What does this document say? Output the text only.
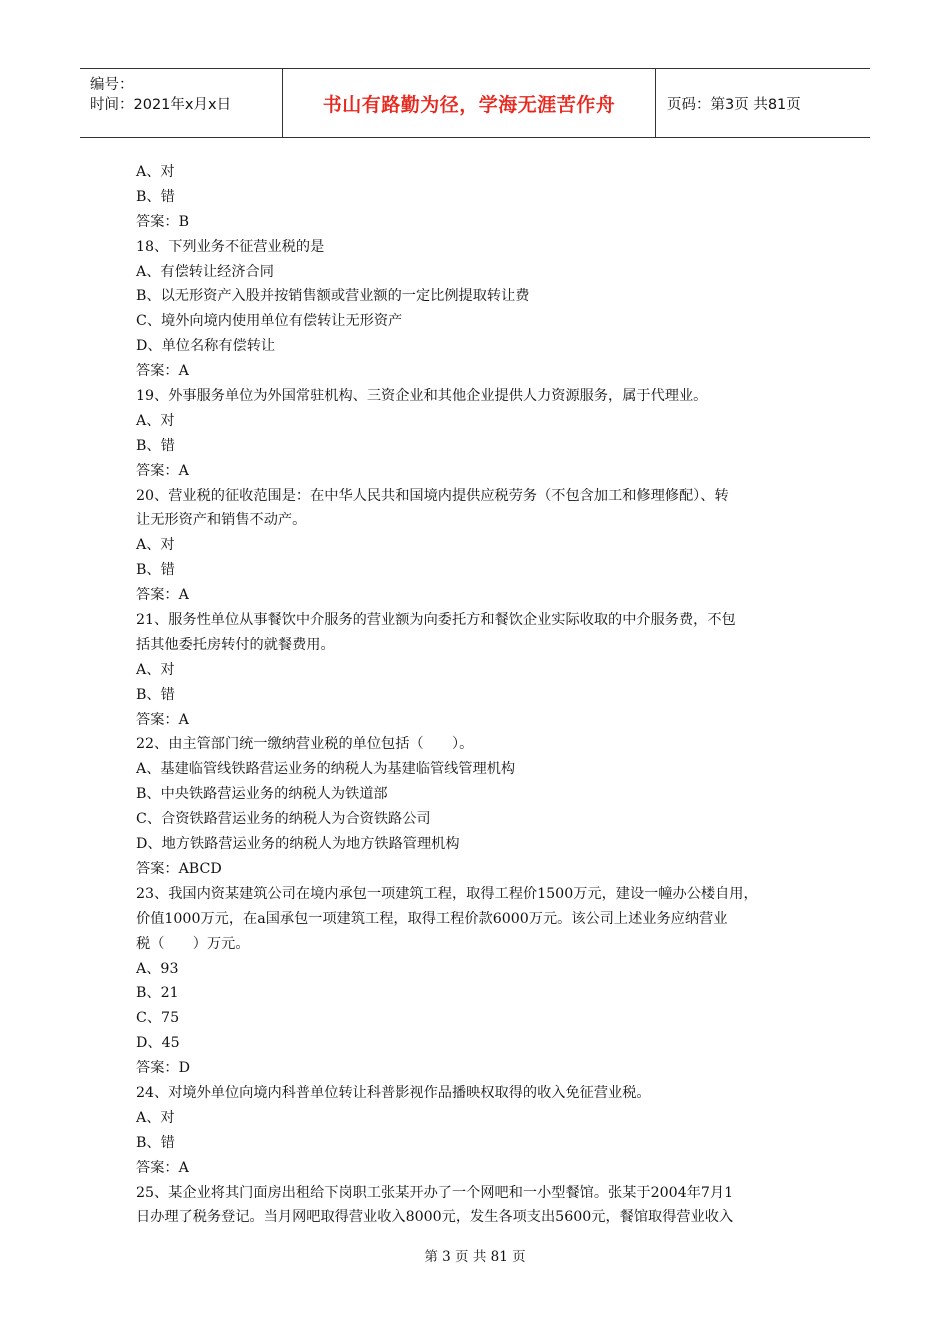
编号：
时间：2021年x月x日	书山有路勤为径，学海无涯苦作舟	页码：第3页 共81页
A、对
B、错
答案：B
18、下列业务不征营业税的是
A、有偿转让经济合同
B、以无形资产入股并按销售额或营业额的一定比例提取转让费
C、境外向境内使用单位有偿转让无形资产
D、单位名称有偿转让
答案：A
19、外事服务单位为外国常驻机构、三资企业和其他企业提供人力资源服务，属于代理业。
A、对
B、错
答案：A
20、营业税的征收范围是：在中华人民共和国境内提供应税劳务（不包含加工和修理修配）、转
让无形资产和销售不动产。
A、对
B、错
答案：A
21、服务性单位从事餐饮中介服务的营业额为向委托方和餐饮企业实际收取的中介服务费，不包
括其他委托房转付的就餐费用。
A、对
B、错
答案：A
22、由主管部门统一缴纳营业税的单位包括（　　）。
A、基建临管线铁路营运业务的纳税人为基建临管线管理机构
B、中央铁路营运业务的纳税人为铁道部
C、合资铁路营运业务的纳税人为合资铁路公司
D、地方铁路营运业务的纳税人为地方铁路管理机构
答案：ABCD
23、我国内资某建筑公司在境内承包一项建筑工程，取得工程价1500万元，建设一幢办公楼自用，
价值1000万元，在a国承包一项建筑工程，取得工程价款6000万元。该公司上述业务应纳营业
税（　　）万元。
A、93
B、21
C、75
D、45
答案：D
24、对境外单位向境内科普单位转让科普影视作品播映权取得的收入免征营业税。
A、对
B、错
答案：A
25、某企业将其门面房出租给下岗职工张某开办了一个网吧和一小型餐馆。张某于2004年7月1
日办理了税务登记。当月网吧取得营业收入8000元，发生各项支出5600元，餐馆取得营业收入
第 3 页 共 81 页
